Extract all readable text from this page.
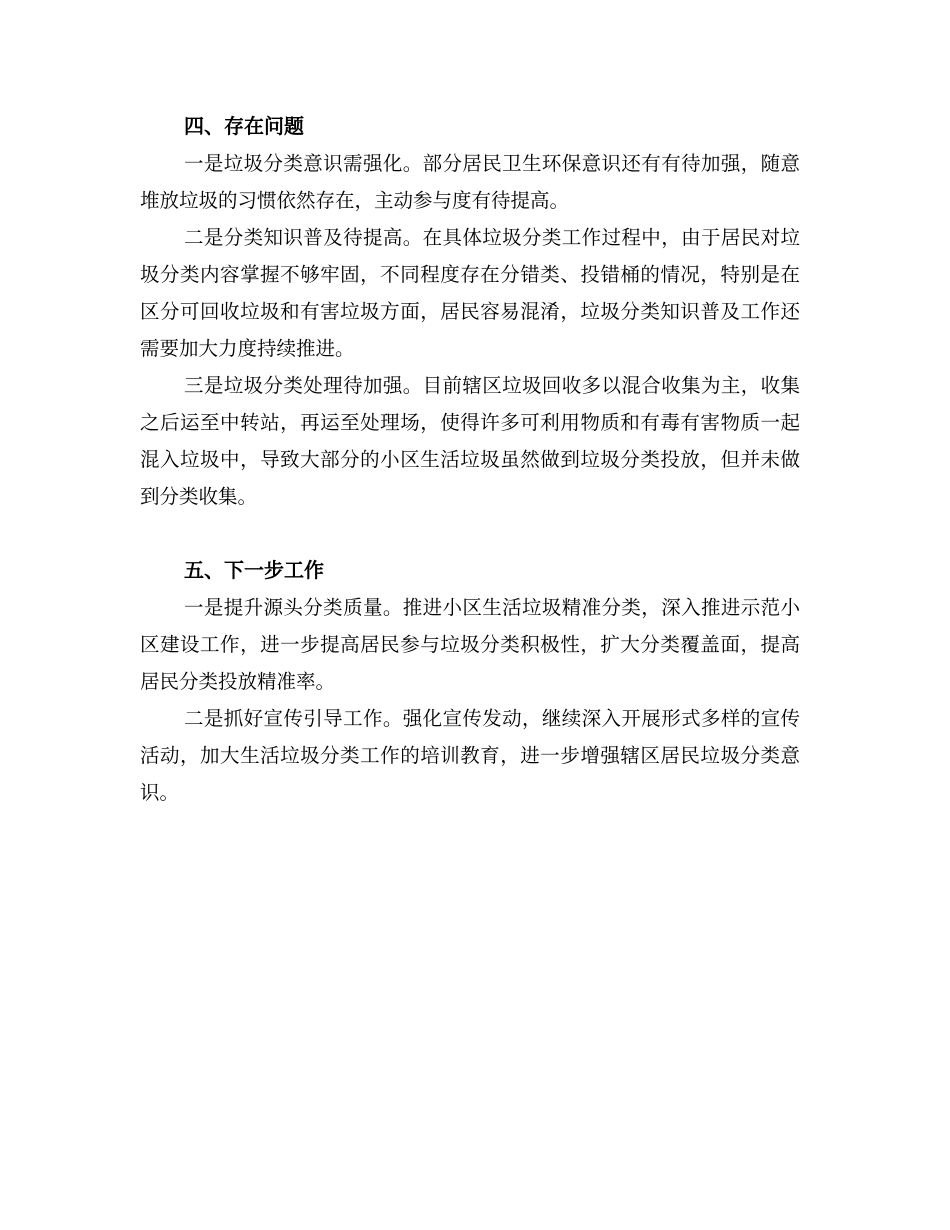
四、存在问题

一是垃圾分类意识需强化。部分居民卫生环保意识还有有待加强，随意堆放垃圾的习惯依然存在，主动参与度有待提高。

二是分类知识普及待提高。在具体垃圾分类工作过程中，由于居民对垃圾分类内容掌握不够牢固，不同程度存在分错类、投错桶的情况，特别是在区分可回收垃圾和有害垃圾方面，居民容易混淆，垃圾分类知识普及工作还需要加大力度持续推进。

三是垃圾分类处理待加强。目前辖区垃圾回收多以混合收集为主，收集之后运至中转站，再运至处理场，使得许多可利用物质和有毒有害物质一起混入垃圾中，导致大部分的小区生活垃圾虽然做到垃圾分类投放，但并未做到分类收集。

五、下一步工作

一是提升源头分类质量。推进小区生活垃圾精准分类，深入推进示范小区建设工作，进一步提高居民参与垃圾分类积极性，扩大分类覆盖面，提高居民分类投放精准率。

二是抓好宣传引导工作。强化宣传发动，继续深入开展形式多样的宣传活动，加大生活垃圾分类工作的培训教育，进一步增强辖区居民垃圾分类意识。
